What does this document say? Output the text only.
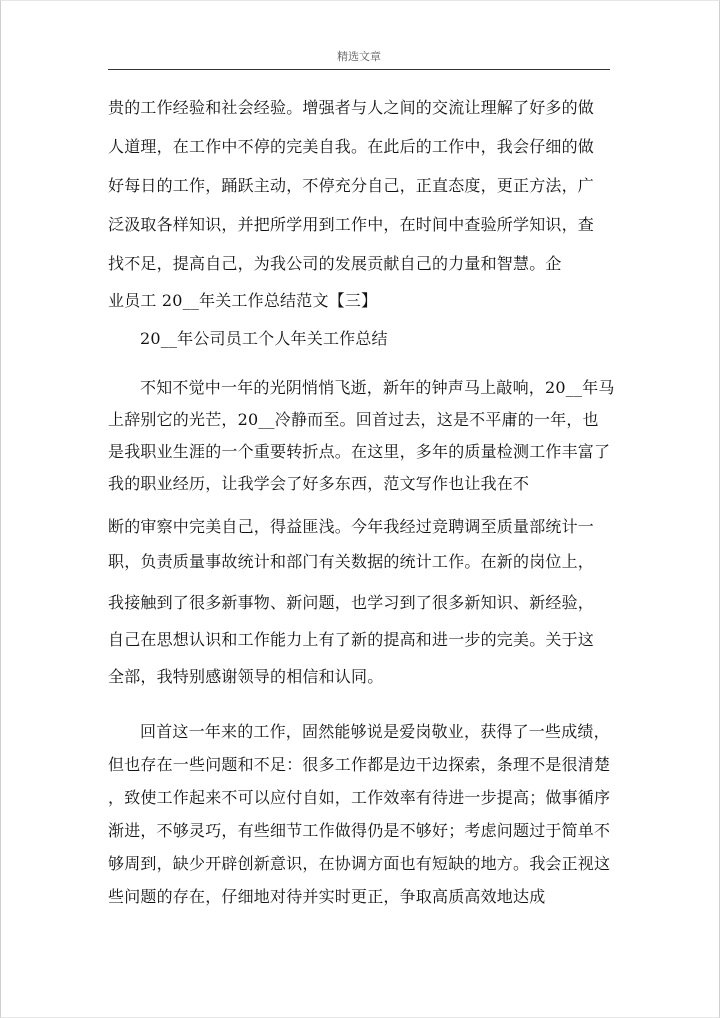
精选文章
贵的工作经验和社会经验。增强者与人之间的交流让理解了好多的做
人道理，在工作中不停的完美自我。在此后的工作中，我会仔细的做
好每日的工作，踊跃主动，不停充分自己，正直态度，更正方法，广
泛汲取各样知识，并把所学用到工作中，在时间中查验所学知识，查
找不足，提高自己，为我公司的发展贡献自己的力量和智慧。企
业员工 20__年关工作总结范文【三】
20__年公司员工个人年关工作总结
不知不觉中一年的光阴悄悄飞逝，新年的钟声马上敲响，20__年马
上辞别它的光芒，20__冷静而至。回首过去，这是不平庸的一年，也
是我职业生涯的一个重要转折点。在这里，多年的质量检测工作丰富了
我的职业经历，让我学会了好多东西，范文写作也让我在不
断的审察中完美自己，得益匪浅。今年我经过竞聘调至质量部统计一
职，负责质量事故统计和部门有关数据的统计工作。在新的岗位上，
我接触到了很多新事物、新问题，也学习到了很多新知识、新经验，
自己在思想认识和工作能力上有了新的提高和进一步的完美。关于这
全部，我特别感谢领导的相信和认同。
回首这一年来的工作，固然能够说是爱岗敬业，获得了一些成绩，
但也存在一些问题和不足：很多工作都是边干边探索，条理不是很清楚
，致使工作起来不可以应付自如，工作效率有待进一步提高；做事循序
渐进，不够灵巧，有些细节工作做得仍是不够好；考虑问题过于简单不
够周到，缺少开辟创新意识，在协调方面也有短缺的地方。我会正视这
些问题的存在，仔细地对待并实时更正，争取高质高效地达成
